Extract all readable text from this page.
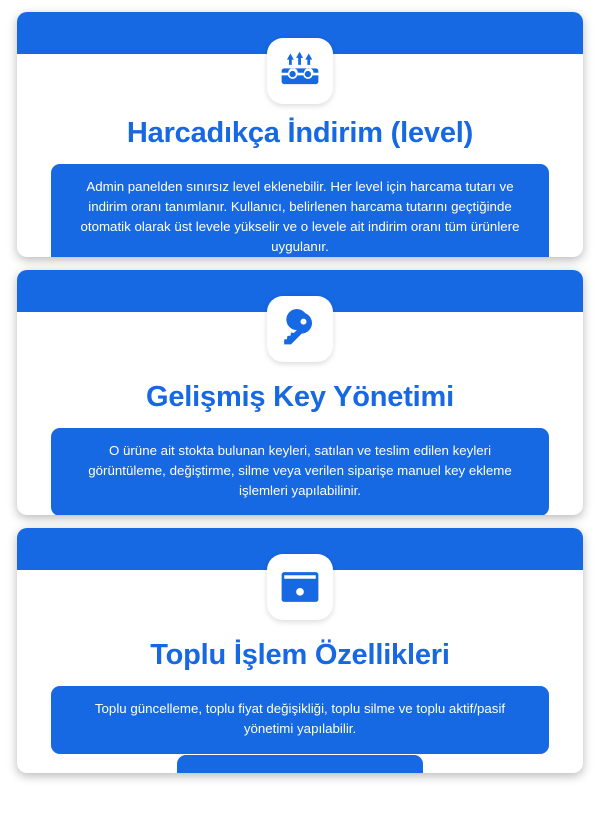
Harcadıkça İndirim (level)
Admin panelden sınırsız level eklenebilir. Her level için harcama tutarı ve indirim oranı tanımlanır. Kullanıcı, belirlenen harcama tutarını geçtiğinde otomatik olarak üst levele yükselir ve o levele ait indirim oranı tüm ürünlere uygulanır.
Gelişmiş Key Yönetimi
O ürüne ait stokta bulunan keyleri, satılan ve teslim edilen keyleri görüntüleme, değiştirme, silme veya verilen siparişe manuel key ekleme işlemleri yapılabilinir.
Toplu İşlem Özellikleri
Toplu güncelleme, toplu fiyat değişikliği, toplu silme ve toplu aktif/pasif yönetimi yapılabilir.
